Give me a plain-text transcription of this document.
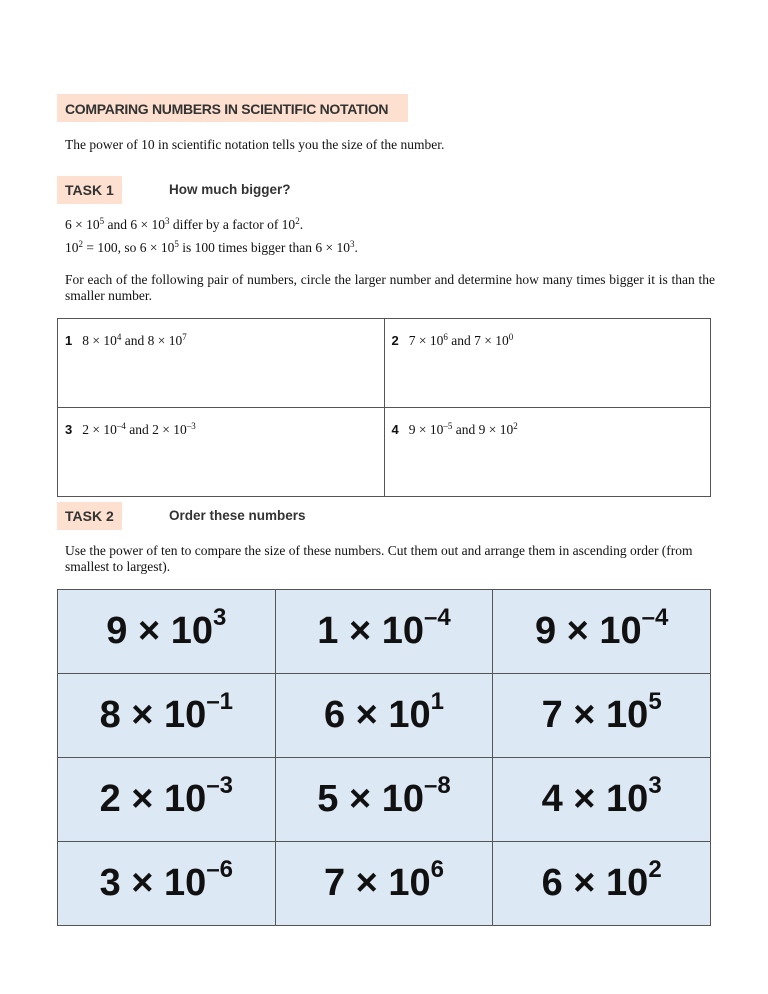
COMPARING NUMBERS IN SCIENTIFIC NOTATION
The power of 10 in scientific notation tells you the size of the number.
TASK 1	How much bigger?
$6 \times 10^5$ and $6 \times 10^3$ differ by a factor of $10^2$.
$10^2 = 100$, so $6 \times 10^5$ is 100 times bigger than $6 \times 10^3$.
For each of the following pair of numbers, circle the larger number and determine how many times bigger it is than the smaller number.
1 $8 \times 10^4$ and $8 \times 10^7$	2 $7 \times 10^6$ and $7 \times 10^0$
3 $2 \times 10^{-4}$ and $2 \times 10^{-3}$	4 $9 \times 10^{-5}$ and $9 \times 10^2$
TASK 2	Order these numbers
Use the power of ten to compare the size of these numbers. Cut them out and arrange them in ascending order (from smallest to largest).
$9 \times 10^3$	$1 \times 10^{-4}$	$9 \times 10^{-4}$
$8 \times 10^{-1}$	$6 \times 10^1$	$7 \times 10^5$
$2 \times 10^{-3}$	$5 \times 10^{-8}$	$4 \times 10^3$
$3 \times 10^{-6}$	$7 \times 10^6$	$6 \times 10^2$
